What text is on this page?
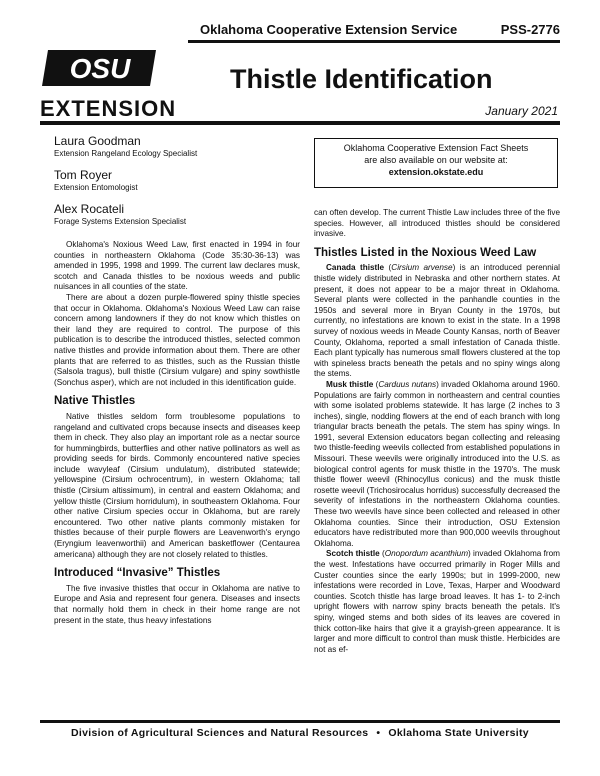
Oklahoma Cooperative Extension Service	PSS-2776
OSU
EXTENSION
Thistle Identification
January 2021
Laura Goodman
Extension Rangeland Ecology Specialist
Tom Royer
Extension Entomologist
Alex Rocateli
Forage Systems Extension Specialist
Oklahoma Cooperative Extension Fact Sheets
are also available on our website at:
extension.okstate.edu

Oklahoma's Noxious Weed Law, first enacted in 1994 in four counties in northeastern Oklahoma (Code 35:30-36-13) was amended in 1995, 1998 and 1999. The current law declares musk, scotch and Canada thistles to be noxious weeds and public nuisances in all counties of the state.

There are about a dozen purple-flowered spiny thistle species that occur in Oklahoma. Oklahoma's Noxious Weed Law can raise concern among landowners if they do not know which thistles on their land they are required to control. The purpose of this publication is to describe the introduced thistles, selected common native thistles and provide information about them. There are other plants that are referred to as thistles, such as the Russian thistle (Salsola tragus), bull thistle (Cirsium vulgare) and spiny sowthistle (Sonchus asper), which are not included in this identification guide.

Native Thistles

Native thistles seldom form troublesome populations to rangeland and cultivated crops because insects and diseases keep them in check. They also play an important role as a nectar source for hummingbirds, butterflies and other native pollinators as well as providing seeds for birds. Commonly encountered native species include wavyleaf (Cirsium undulatum), distributed statewide; yellowspine (Cirsium ochrocentrum), in western Oklahoma; tall thistle (Cirsium altissimum), in central and eastern Oklahoma; and yellow thistle (Cirsium horridulum), in southeastern Oklahoma. Four other native Cirsium species occur in Oklahoma, but are rarely encountered. Two other native plants commonly mistaken for thistles because of their purple flowers are Leavenworth's eryngo (Eryngium leavenworthii) and American basketflower (Centaurea americana) although they are not closely related to thistles.

Introduced “Invasive” Thistles

The five invasive thistles that occur in Oklahoma are native to Europe and Asia and represent four genera. Diseases and insects that normally hold them in check in their home range are not present in the state, thus heavy infestations

can often develop. The current Thistle Law includes three of the five species. However, all introduced thistles should be considered invasive.

Thistles Listed in the Noxious Weed Law

Canada thistle (Cirsium arvense) is an introduced perennial thistle widely distributed in Nebraska and other northern states. At present, it does not appear to be a major threat in Oklahoma. Several plants were collected in the panhandle counties in the 1950s and several more in Bryan County in the 1970s, but currently, no infestations are known to exist in the state. In a 1998 survey of noxious weeds in Meade County Kansas, north of Beaver County, Oklahoma, reported a small infestation of Canada thistle. Each plant typically has numerous small flowers clustered at the top with spineless bracts beneath the petals and no spiny wings along the stems.

Musk thistle (Carduus nutans) invaded Oklahoma around 1960. Populations are fairly common in northeastern and central counties with some isolated problems statewide. It has large (2 inches to 3 inches), single, nodding flowers at the end of each branch with long triangular bracts beneath the petals. The stem has spiny wings. In 1991, several Extension educators began collecting and releasing two thistle-feeding weevils collected from established populations in Missouri. These weevils were originally introduced into the U.S. as biological control agents for musk thistle in the 1970's. The musk thistle flower weevil (Rhinocyllus conicus) and the musk thistle rosette weevil (Trichosirocalus horridus) successfully decreased the severity of infestations in the northeastern Oklahoma counties. These two weevils have since been collected and released in other Oklahoma counties. Since their introduction, OSU Extension educators have redistributed more than 900,000 weevils throughout Oklahoma.

Scotch thistle (Onopordum acanthium) invaded Oklahoma from the west. Infestations have occurred primarily in Roger Mills and Custer counties since the early 1990s; but in 1999-2000, new infestations were recorded in Love, Texas, Harper and Woodward counties. Scotch thistle has large broad leaves. It has 1- to 2-inch upright flowers with narrow spiny bracts beneath the petals. It's spiny, winged stems and both sides of its leaves are covered in thick cotton-like hairs that give it a grayish-green appearance. It is larger and more difficult to control than musk thistle. Herbicides are not as ef-

Division of Agricultural Sciences and Natural Resources • Oklahoma State University
